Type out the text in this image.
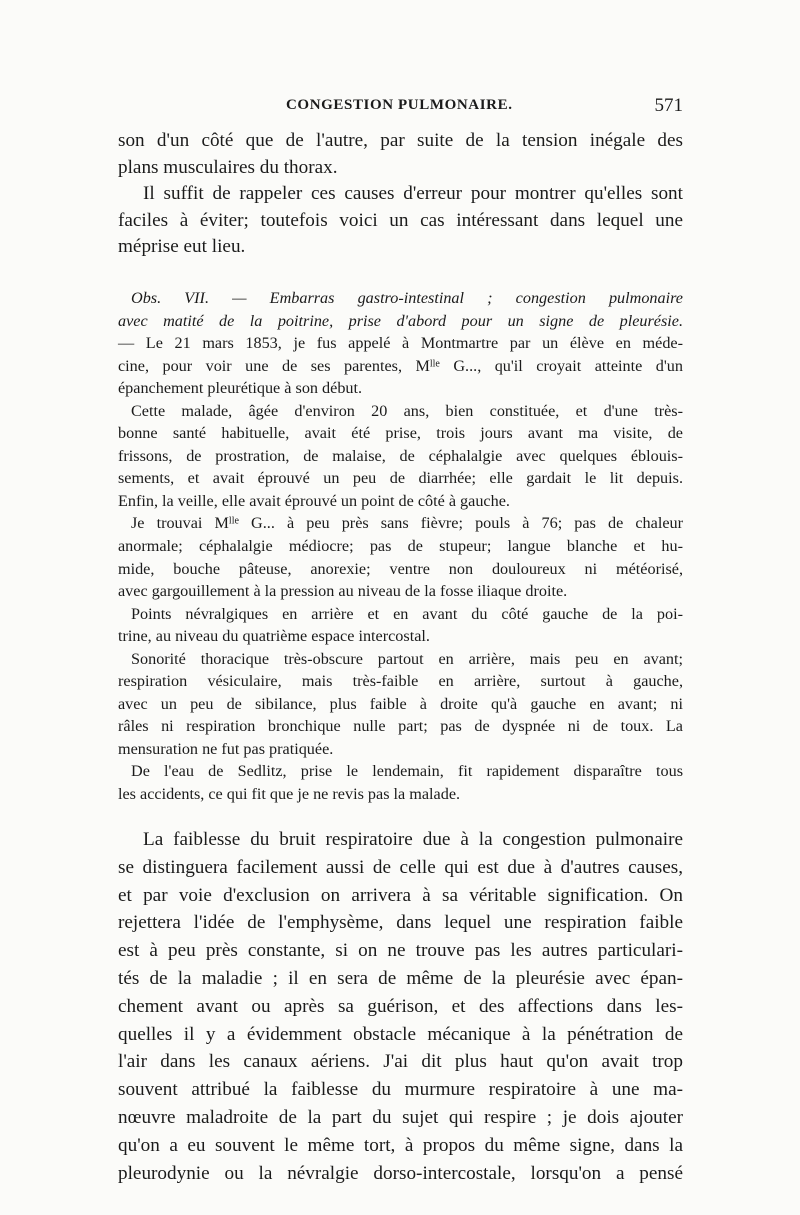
CONGESTION PULMONAIRE.	571
son d'un côté que de l'autre, par suite de la tension inégale des
plans musculaires du thorax.
Il suffit de rappeler ces causes d'erreur pour montrer qu'elles sont
faciles à éviter; toutefois voici un cas intéressant dans lequel une
méprise eut lieu.
Obs. VII. — Embarras gastro-intestinal ; congestion pulmonaire
avec matité de la poitrine, prise d'abord pour un signe de pleurésie.
— Le 21 mars 1853, je fus appelé à Montmartre par un élève en méde-
cine, pour voir une de ses parentes, $M^{lle}$ G..., qu'il croyait atteinte d'un
épanchement pleurétique à son début.
Cette malade, âgée d'environ 20 ans, bien constituée, et d'une très-
bonne santé habituelle, avait été prise, trois jours avant ma visite, de
frissons, de prostration, de malaise, de céphalalgie avec quelques éblouis-
sements, et avait éprouvé un peu de diarrhée; elle gardait le lit depuis.
Enfin, la veille, elle avait éprouvé un point de côté à gauche.
Je trouvai $M^{lle}$ G... à peu près sans fièvre; pouls à 76; pas de chaleur
anormale; céphalalgie médiocre; pas de stupeur; langue blanche et hu-
mide, bouche pâteuse, anorexie; ventre non douloureux ni météorisé,
avec gargouillement à la pression au niveau de la fosse iliaque droite.
Points névralgiques en arrière et en avant du côté gauche de la poi-
trine, au niveau du quatrième espace intercostal.
Sonorité thoracique très-obscure partout en arrière, mais peu en avant;
respiration vésiculaire, mais très-faible en arrière, surtout à gauche,
avec un peu de sibilance, plus faible à droite qu'à gauche en avant; ni
râles ni respiration bronchique nulle part; pas de dyspnée ni de toux. La
mensuration ne fut pas pratiquée.
De l'eau de Sedlitz, prise le lendemain, fit rapidement disparaître tous
les accidents, ce qui fit que je ne revis pas la malade.
La faiblesse du bruit respiratoire due à la congestion pulmonaire
se distinguera facilement aussi de celle qui est due à d'autres causes,
et par voie d'exclusion on arrivera à sa véritable signification. On
rejettera l'idée de l'emphysème, dans lequel une respiration faible
est à peu près constante, si on ne trouve pas les autres particulari-
tés de la maladie ; il en sera de même de la pleurésie avec épan-
chement avant ou après sa guérison, et des affections dans les-
quelles il y a évidemment obstacle mécanique à la pénétration de
l'air dans les canaux aériens. J'ai dit plus haut qu'on avait trop
souvent attribué la faiblesse du murmure respiratoire à une ma-
nœuvre maladroite de la part du sujet qui respire ; je dois ajouter
qu'on a eu souvent le même tort, à propos du même signe, dans la
pleurodynie ou la névralgie dorso-intercostale, lorsqu'on a pensé
